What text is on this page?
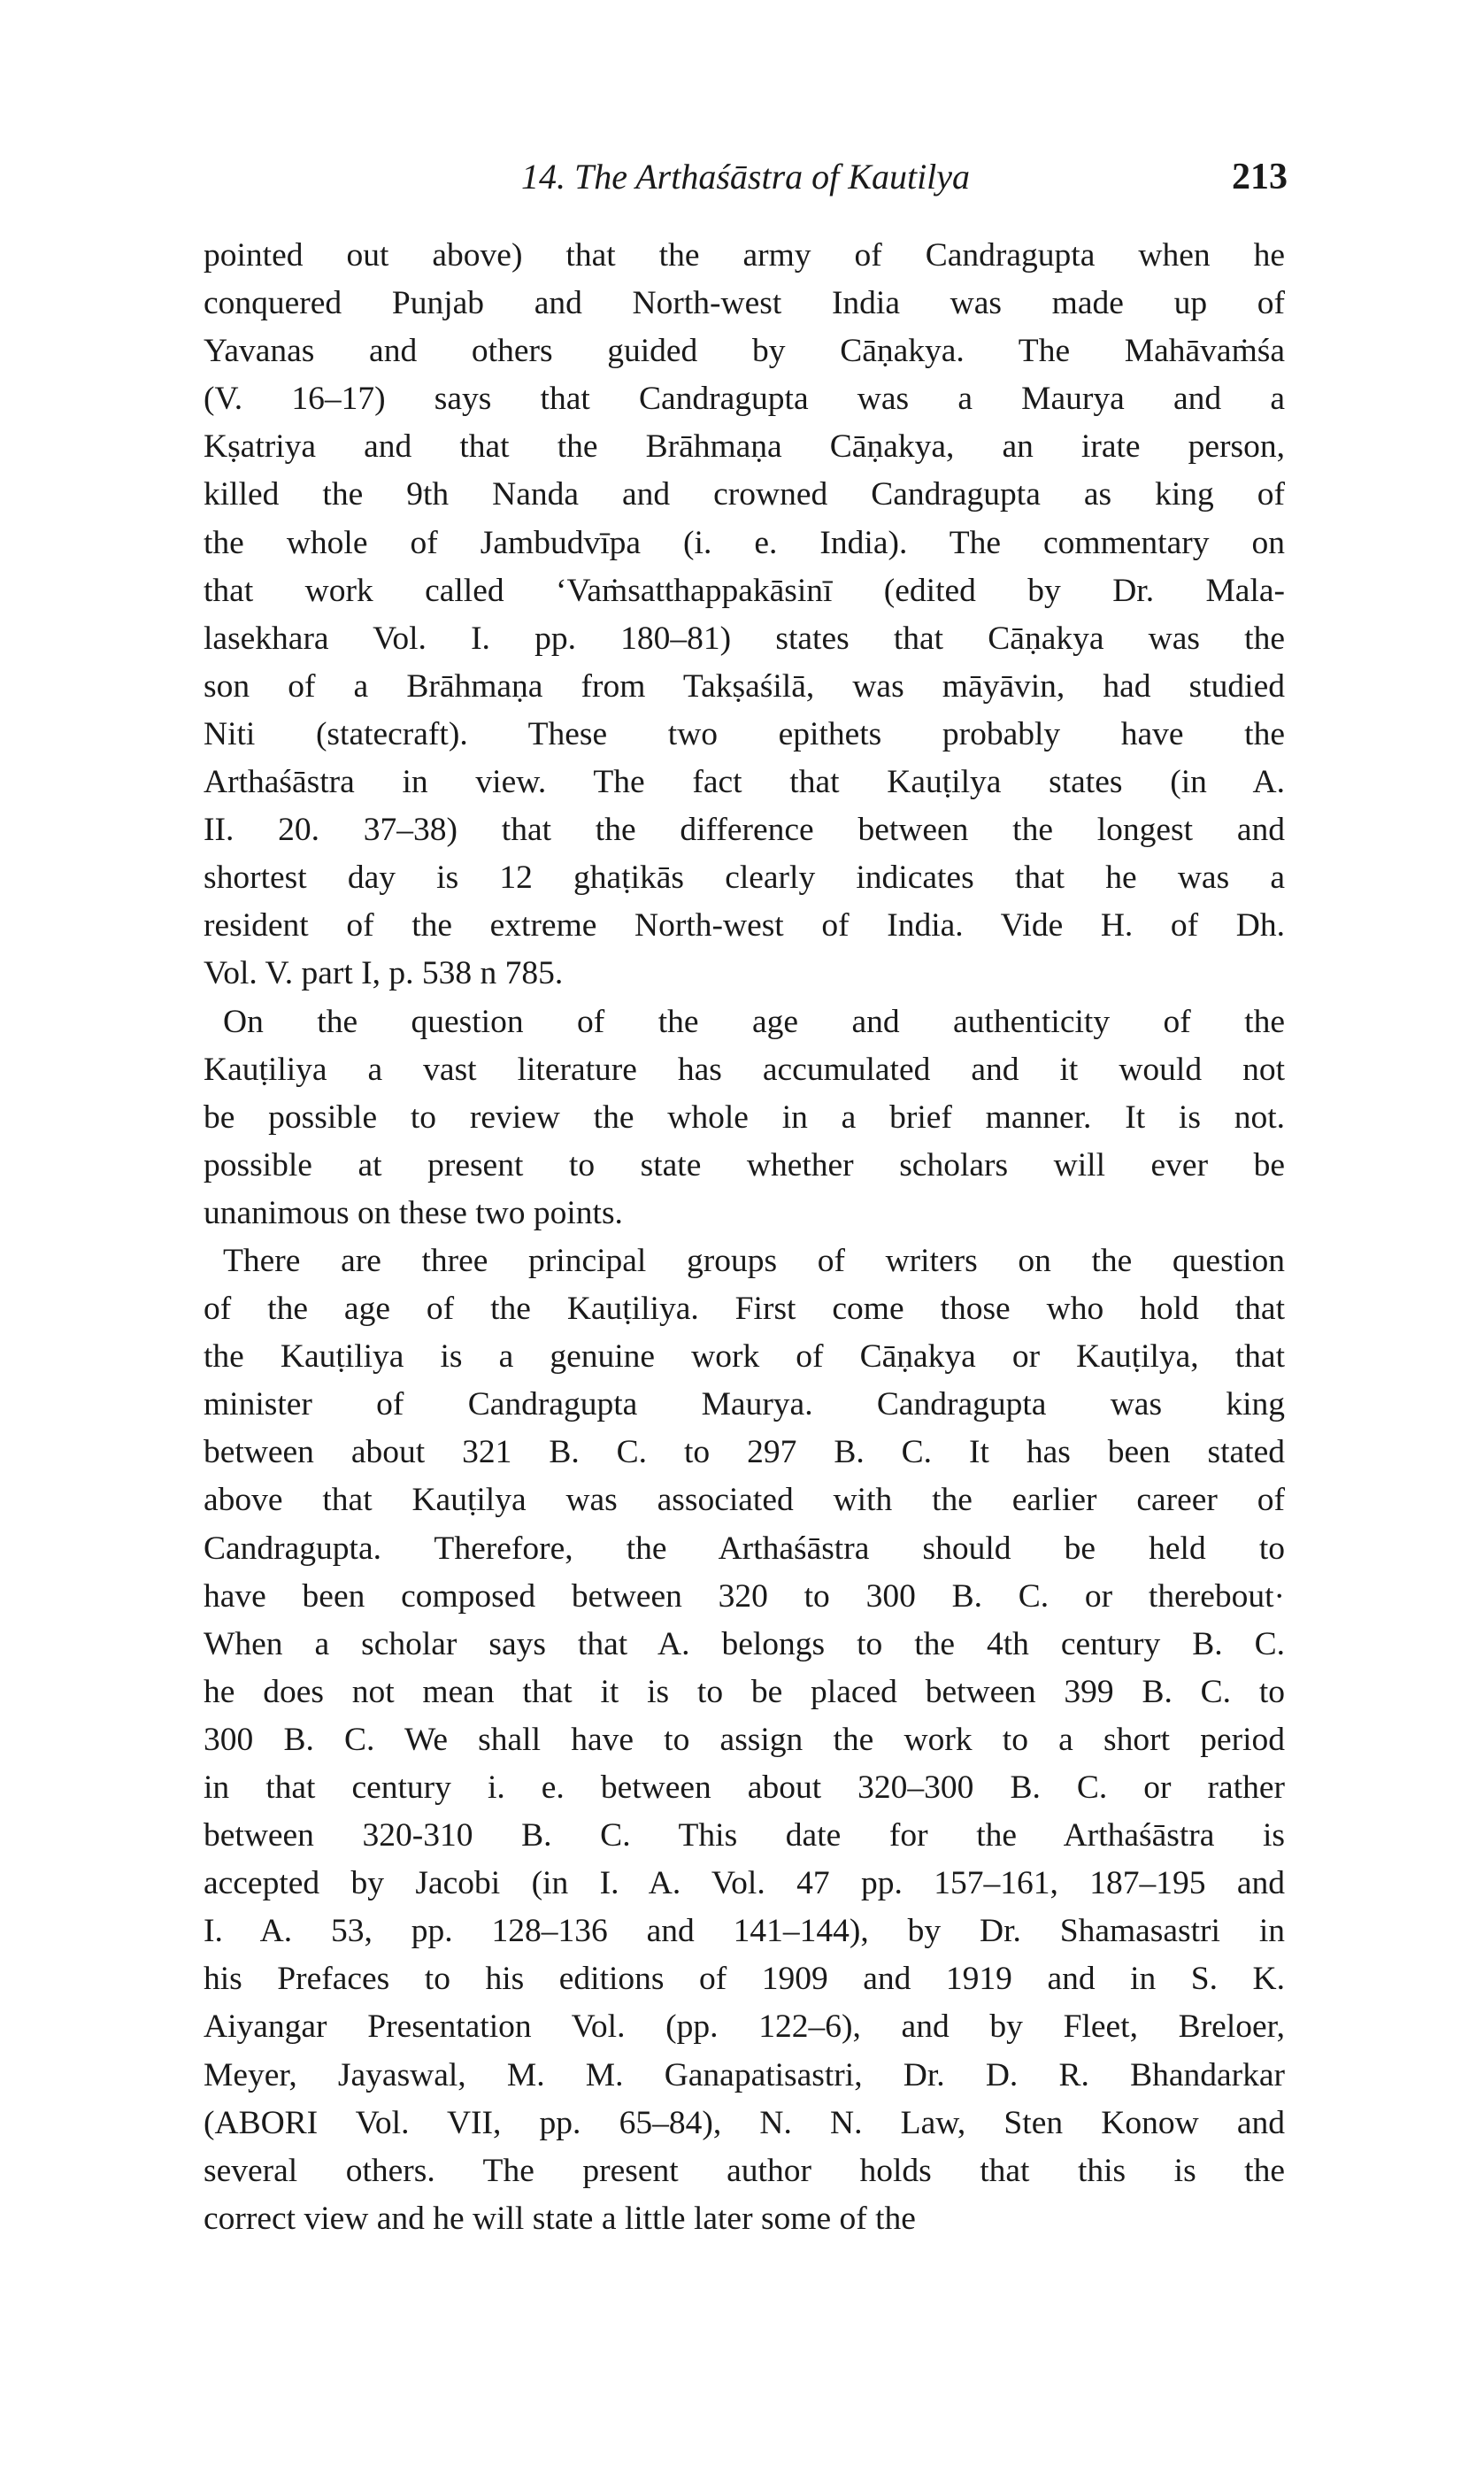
14. The Arthaśāstra of Kautilya	213
pointed out above) that the army of Candragupta when he
conquered Punjab and North-west India was made up of
Yavanas and others guided by Cāṇakya. The Mahāvaṁśa
(V. 16–17) says that Candragupta was a Maurya and a
Kṣatriya and that the Brāhmaṇa Cāṇakya, an irate person,
killed the 9th Nanda and crowned Candragupta as king of
the whole of Jambudvīpa (i. e. India). The commentary on
that work called ‘Vaṁsatthappakāsinī (edited by Dr. Mala-
lasekhara Vol. I. pp. 180–81) states that Cāṇakya was the
son of a Brāhmaṇa from Takṣaśilā, was māyāvin, had studied
Niti (statecraft). These two epithets probably have the
Arthaśāstra in view. The fact that Kauṭilya states (in A.
II. 20. 37–38) that the difference between the longest and
shortest day is 12 ghaṭikās clearly indicates that he was a
resident of the extreme North-west of India. Vide H. of Dh.
Vol. V. part I, p. 538 n 785.
On the question of the age and authenticity of the
Kauṭiliya a vast literature has accumulated and it would not
be possible to review the whole in a brief manner. It is not.
possible at present to state whether scholars will ever be
unanimous on these two points.
There are three principal groups of writers on the question
of the age of the Kauṭiliya. First come those who hold that
the Kauṭiliya is a genuine work of Cāṇakya or Kauṭilya, that
minister of Candragupta Maurya. Candragupta was king
between about 321 B. C. to 297 B. C. It has been stated
above that Kauṭilya was associated with the earlier career of
Candragupta. Therefore, the Arthaśāstra should be held to
have been composed between 320 to 300 B. C. or therebout·
When a scholar says that A. belongs to the 4th century B. C.
he does not mean that it is to be placed between 399 B. C. to
300 B. C. We shall have to assign the work to a short period
in that century i. e. between about 320–300 B. C. or rather
between 320-310 B. C. This date for the Arthaśāstra is
accepted by Jacobi (in I. A. Vol. 47 pp. 157–161, 187–195 and
I. A. 53, pp. 128–136 and 141–144), by Dr. Shamasastri in
his Prefaces to his editions of 1909 and 1919 and in S. K.
Aiyangar Presentation Vol. (pp. 122–6), and by Fleet, Breloer,
Meyer, Jayaswal, M. M. Ganapatisastri, Dr. D. R. Bhandarkar
(ABORI Vol. VII, pp. 65–84), N. N. Law, Sten Konow and
several others. The present author holds that this is the
correct view and he will state a little later some of the
